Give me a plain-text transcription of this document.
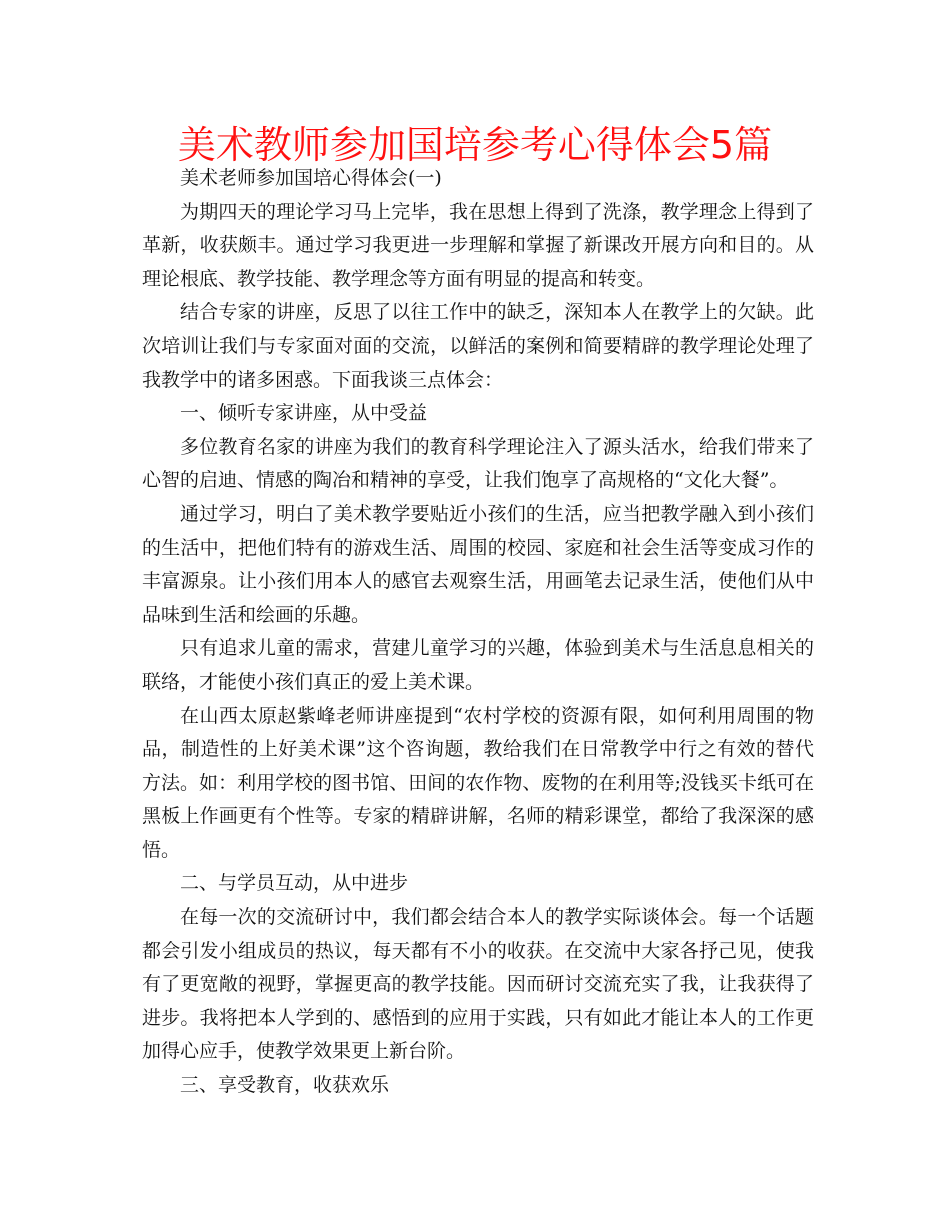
美术教师参加国培参考心得体会5篇

美术老师参加国培心得体会(一)

为期四天的理论学习马上完毕，我在思想上得到了洗涤，教学理念上得到了革新，收获颇丰。通过学习我更进一步理解和掌握了新课改开展方向和目的。从理论根底、教学技能、教学理念等方面有明显的提高和转变。

结合专家的讲座，反思了以往工作中的缺乏，深知本人在教学上的欠缺。此次培训让我们与专家面对面的交流，以鲜活的案例和简要精辟的教学理论处理了我教学中的诸多困惑。下面我谈三点体会：

一、倾听专家讲座，从中受益

多位教育名家的讲座为我们的教育科学理论注入了源头活水，给我们带来了心智的启迪、情感的陶冶和精神的享受，让我们饱享了高规格的“文化大餐”。

通过学习，明白了美术教学要贴近小孩们的生活，应当把教学融入到小孩们的生活中，把他们特有的游戏生活、周围的校园、家庭和社会生活等变成习作的丰富源泉。让小孩们用本人的感官去观察生活，用画笔去记录生活，使他们从中品味到生活和绘画的乐趣。

只有追求儿童的需求，营建儿童学习的兴趣，体验到美术与生活息息相关的联络，才能使小孩们真正的爱上美术课。

在山西太原赵紫峰老师讲座提到“农村学校的资源有限，如何利用周围的物品，制造性的上好美术课”这个咨询题，教给我们在日常教学中行之有效的替代方法。如：利用学校的图书馆、田间的农作物、废物的在利用等;没钱买卡纸可在黑板上作画更有个性等。专家的精辟讲解，名师的精彩课堂，都给了我深深的感悟。

二、与学员互动，从中进步

在每一次的交流研讨中，我们都会结合本人的教学实际谈体会。每一个话题都会引发小组成员的热议，每天都有不小的收获。在交流中大家各抒己见，使我有了更宽敞的视野，掌握更高的教学技能。因而研讨交流充实了我，让我获得了进步。我将把本人学到的、感悟到的应用于实践，只有如此才能让本人的工作更加得心应手，使教学效果更上新台阶。

三、享受教育，收获欢乐
